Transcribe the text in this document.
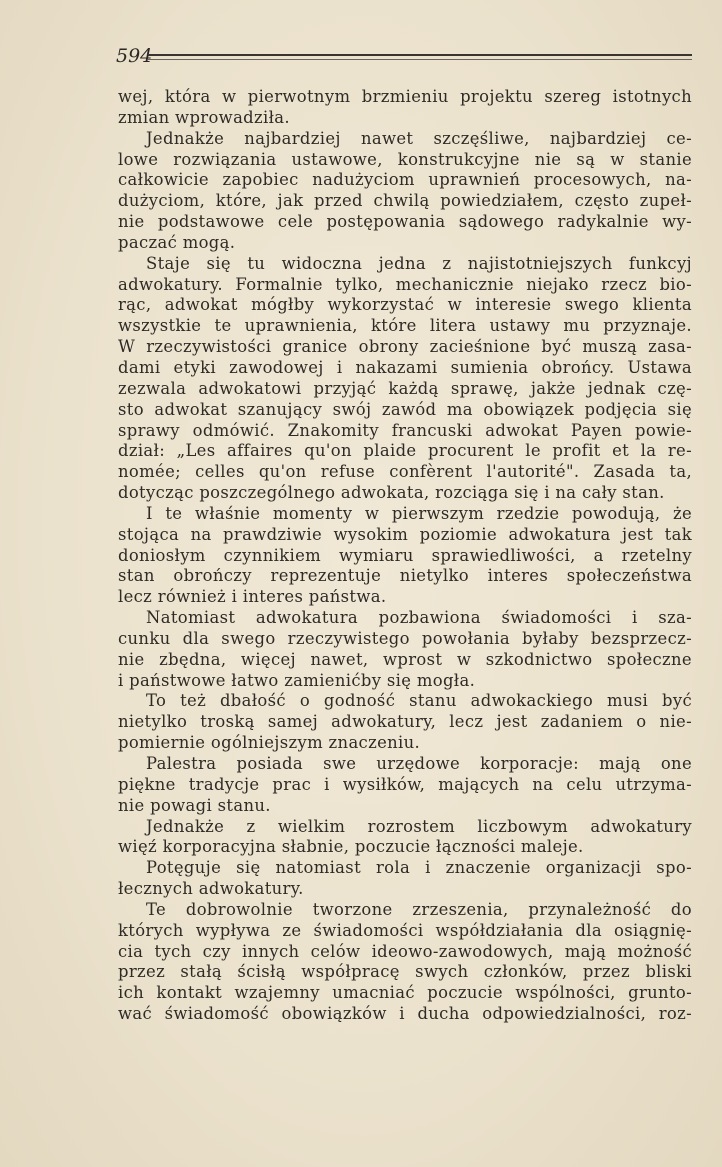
594
wej, która w pierwotnym brzmieniu projektu szereg istotnych
zmian wprowadziła.
Jednakże najbardziej nawet szczęśliwe, najbardziej ce-
lowe rozwiązania ustawowe, konstrukcyjne nie są w stanie
całkowicie zapobiec nadużyciom uprawnień procesowych, na-
dużyciom, które, jak przed chwilą powiedziałem, często zupeł-
nie podstawowe cele postępowania sądowego radykalnie wy-
paczać mogą.
Staje się tu widoczna jedna z najistotniejszych funkcyj
adwokatury. Formalnie tylko, mechanicznie niejako rzecz bio-
rąc, adwokat mógłby wykorzystać w interesie swego klienta
wszystkie te uprawnienia, które litera ustawy mu przyznaje.
W rzeczywistości granice obrony zacieśnione być muszą zasa-
dami etyki zawodowej i nakazami sumienia obrońcy. Ustawa
zezwala adwokatowi przyjąć każdą sprawę, jakże jednak czę-
sto adwokat szanujący swój zawód ma obowiązek podjęcia się
sprawy odmówić. Znakomity francuski adwokat Payen powie-
dział: „Les affaires qu'on plaide procurent le profit et la re-
nomée; celles qu'on refuse confèrent l'autorité". Zasada ta,
dotycząc poszczególnego adwokata, rozciąga się i na cały stan.
I te właśnie momenty w pierwszym rzedzie powodują, że
stojąca na prawdziwie wysokim poziomie adwokatura jest tak
doniosłym czynnikiem wymiaru sprawiedliwości, a rzetelny
stan obrończy reprezentuje nietylko interes społeczeństwa
lecz również i interes państwa.
Natomiast adwokatura pozbawiona świadomości i sza-
cunku dla swego rzeczywistego powołania byłaby bezsprzecz-
nie zbędna, więcej nawet, wprost w szkodnictwo społeczne
i państwowe łatwo zamienićby się mogła.
To też dbałość o godność stanu adwokackiego musi być
nietylko troską samej adwokatury, lecz jest zadaniem o nie-
pomiernie ogólniejszym znaczeniu.
Palestra posiada swe urzędowe korporacje: mają one
piękne tradycje prac i wysiłków, mających na celu utrzyma-
nie powagi stanu.
Jednakże z wielkim rozrostem liczbowym adwokatury
więź korporacyjna słabnie, poczucie łączności maleje.
Potęguje się natomiast rola i znaczenie organizacji spo-
łecznych adwokatury.
Te dobrowolnie tworzone zrzeszenia, przynależność do
których wypływa ze świadomości współdziałania dla osiągnię-
cia tych czy innych celów ideowo-zawodowych, mają możność
przez stałą ścisłą współpracę swych członków, przez bliski
ich kontakt wzajemny umacniać poczucie wspólności, grunto-
wać świadomość obowiązków i ducha odpowiedzialności, roz-
